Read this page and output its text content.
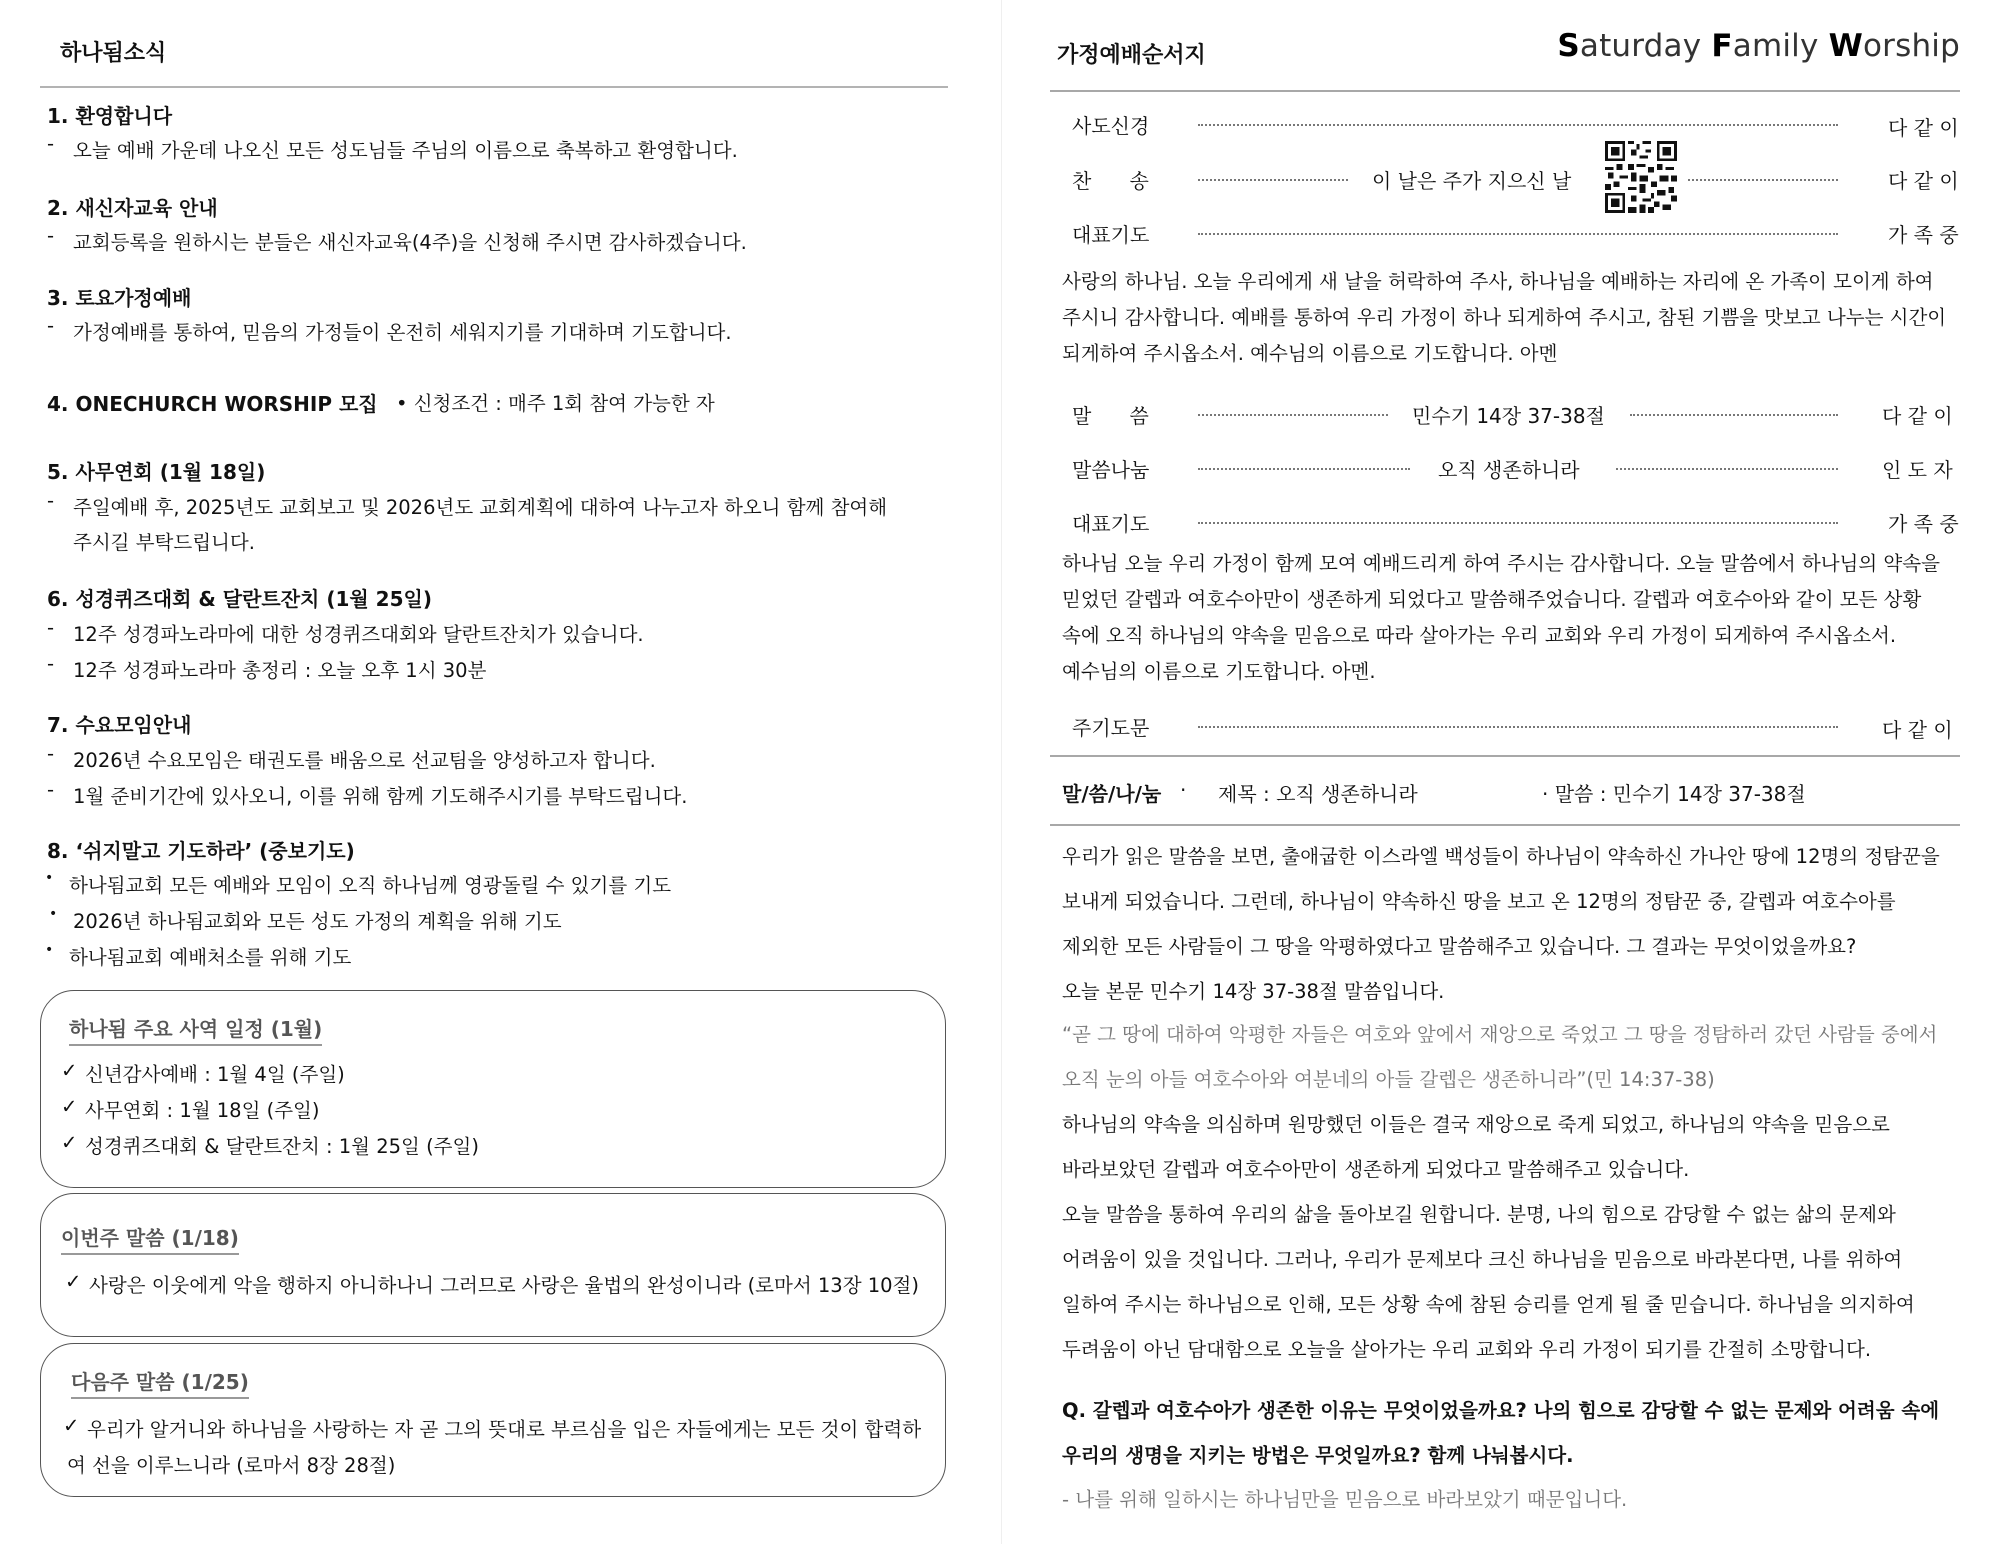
하나됨소식
1. 환영합니다
- 오늘 예배 가운데 나오신 모든 성도님들 주님의 이름으로 축복하고 환영합니다.
2. 새신자교육 안내
- 교회등록을 원하시는 분들은 새신자교육(4주)을 신청해 주시면 감사하겠습니다.
3. 토요가정예배
- 가정예배를 통하여, 믿음의 가정들이 온전히 세워지기를 기대하며 기도합니다.
4. ONECHURCH WORSHIP 모집 • 신청조건 : 매주 1회 참여 가능한 자
5. 사무연회 (1월 18일)
- 주일예배 후, 2025년도 교회보고 및 2026년도 교회계획에 대하여 나누고자 하오니 함께 참여해
주시길 부탁드립니다.
6. 성경퀴즈대회 & 달란트잔치 (1월 25일)
- 12주 성경파노라마에 대한 성경퀴즈대회와 달란트잔치가 있습니다.
- 12주 성경파노라마 총정리 : 오늘 오후 1시 30분
7. 수요모임안내
- 2026년 수요모임은 태권도를 배움으로 선교팀을 양성하고자 합니다.
- 1월 준비기간에 있사오니, 이를 위해 함께 기도해주시기를 부탁드립니다.
8. ‘쉬지말고 기도하라’ (중보기도)
• 하나됨교회 모든 예배와 모임이 오직 하나님께 영광돌릴 수 있기를 기도
• 2026년 하나됨교회와 모든 성도 가정의 계획을 위해 기도
• 하나됨교회 예배처소를 위해 기도
하나됨 주요 사역 일정 (1월)
✓ 신년감사예배 : 1월 4일 (주일)
✓ 사무연회 : 1월 18일 (주일)
✓ 성경퀴즈대회 & 달란트잔치 : 1월 25일 (주일)
이번주 말씀 (1/18)
✓ 사랑은 이웃에게 악을 행하지 아니하나니 그러므로 사랑은 율법의 완성이니라 (로마서 13장 10절)
다음주 말씀 (1/25)
✓ 우리가 알거니와 하나님을 사랑하는 자 곧 그의 뜻대로 부르심을 입은 자들에게는 모든 것이 합력하
여 선을 이루느니라 (로마서 8장 28절)
가정예배순서지	Saturday Family Worship
사도신경	다 같 이
찬      송	이 날은 주가 지으신 날	다 같 이
대표기도	가 족 중
사랑의 하나님. 오늘 우리에게 새 날을 허락하여 주사, 하나님을 예배하는 자리에 온 가족이 모이게 하여 주시니 감사합니다. 예배를 통하여 우리 가정이 하나 되게하여 주시고, 참된 기쁨을 맛보고 나누는 시간이 되게하여 주시옵소서. 예수님의 이름으로 기도합니다. 아멘
말      씀	민수기 14장 37-38절	다 같 이
말씀나눔	오직 생존하니라	인 도 자
대표기도	가 족 중
하나님 오늘 우리 가정이 함께 모여 예배드리게 하여 주시는 감사합니다. 오늘 말씀에서 하나님의 약속을 믿었던 갈렙과 여호수아만이 생존하게 되었다고 말씀해주었습니다. 갈렙과 여호수아와 같이 모든 상황 속에 오직 하나님의 약속을 믿음으로 따라 살아가는 우리 교회와 우리 가정이 되게하여 주시옵소서. 예수님의 이름으로 기도합니다. 아멘.
주기도문	다 같 이
말/씀/나/눔 · 제목 : 오직 생존하니라	· 말씀 : 민수기 14장 37-38절
우리가 읽은 말씀을 보면, 출애굽한 이스라엘 백성들이 하나님이 약속하신 가나안 땅에 12명의 정탐꾼을 보내게 되었습니다. 그런데, 하나님이 약속하신 땅을 보고 온 12명의 정탐꾼 중, 갈렙과 여호수아를 제외한 모든 사람들이 그 땅을 악평하였다고 말씀해주고 있습니다. 그 결과는 무엇이었을까요?
오늘 본문 민수기 14장 37-38절 말씀입니다.
“곧 그 땅에 대하여 악평한 자들은 여호와 앞에서 재앙으로 죽었고 그 땅을 정탐하러 갔던 사람들 중에서 오직 눈의 아들 여호수아와 여분네의 아들 갈렙은 생존하니라”(민 14:37-38)
하나님의 약속을 의심하며 원망했던 이들은 결국 재앙으로 죽게 되었고, 하나님의 약속을 믿음으로 바라보았던 갈렙과 여호수아만이 생존하게 되었다고 말씀해주고 있습니다.
오늘 말씀을 통하여 우리의 삶을 돌아보길 원합니다. 분명, 나의 힘으로 감당할 수 없는 삶의 문제와 어려움이 있을 것입니다. 그러나, 우리가 문제보다 크신 하나님을 믿음으로 바라본다면, 나를 위하여 일하여 주시는 하나님으로 인해, 모든 상황 속에 참된 승리를 얻게 될 줄 믿습니다. 하나님을 의지하여 두려움이 아닌 담대함으로 오늘을 살아가는 우리 교회와 우리 가정이 되기를 간절히 소망합니다.
Q. 갈렙과 여호수아가 생존한 이유는 무엇이었을까요? 나의 힘으로 감당할 수 없는 문제와 어려움 속에 우리의 생명을 지키는 방법은 무엇일까요? 함께 나눠봅시다.
- 나를 위해 일하시는 하나님만을 믿음으로 바라보았기 때문입니다.
